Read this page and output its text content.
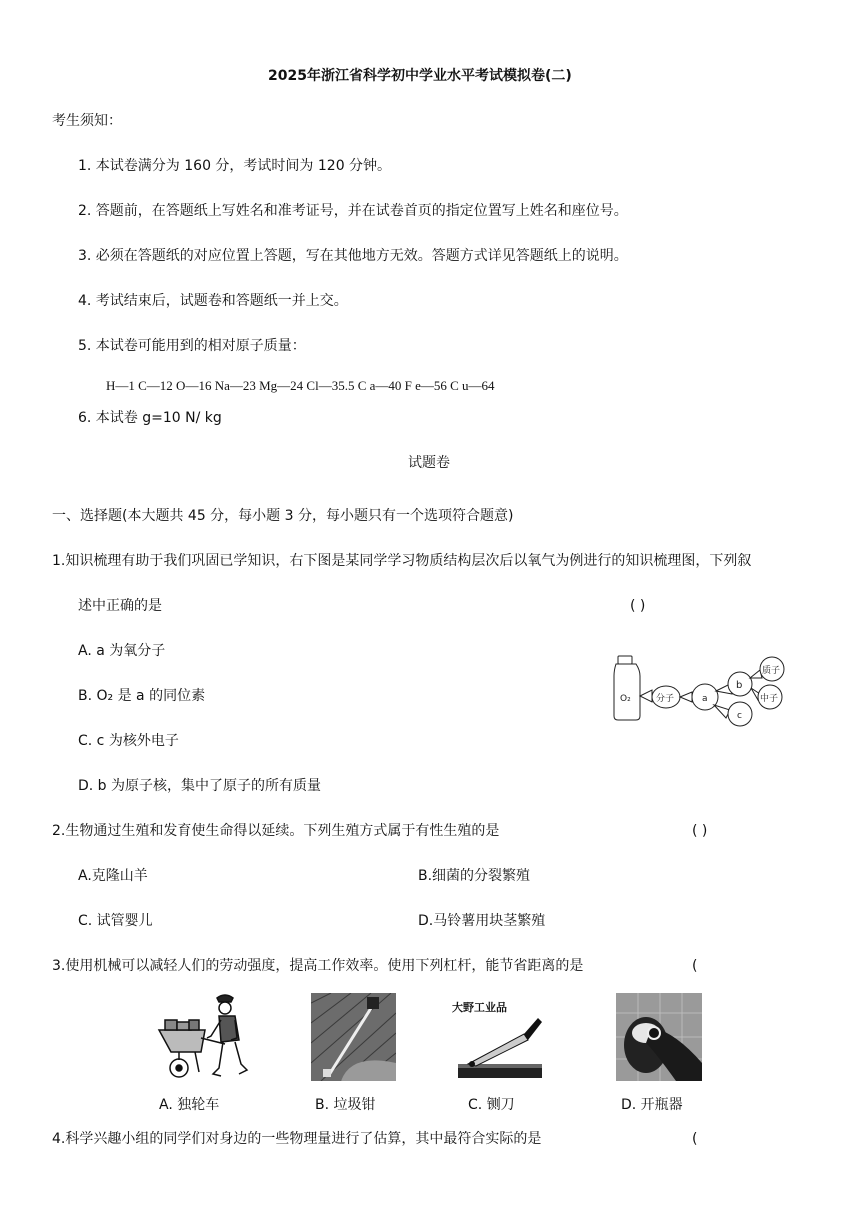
2025年浙江省科学初中学业水平考试模拟卷(二)
考生须知：
1. 本试卷满分为 160 分，考试时间为 120 分钟。
2. 答题前，在答题纸上写姓名和准考证号，并在试卷首页的指定位置写上姓名和座位号。
3. 必须在答题纸的对应位置上答题，写在其他地方无效。答题方式详见答题纸上的说明。
4. 考试结束后，试题卷和答题纸一并上交。
5. 本试卷可能用到的相对原子质量：
H—1 C—12 O—16 Na—23 Mg—24 Cl—35.5 C a—40 F e—56 C u—64
6. 本试卷 g=10 N/ kg
试题卷
一、选择题(本大题共 45 分，每小题 3 分，每小题只有一个选项符合题意)
1.知识梳理有助于我们巩固已学知识，右下图是某同学学习物质结构层次后以氧气为例进行的知识梳理图，下列叙
述中正确的是	( )
A. a 为氧分子
B. O₂ 是 a 的同位素
C. c 为核外电子
D. b 为原子核，集中了原子的所有质量
O₂	分子	a
b
c
质子
中子
2.生物通过生殖和发育使生命得以延续。下列生殖方式属于有性生殖的是	( )
A.克隆山羊	B.细菌的分裂繁殖
C. 试管婴儿	D.马铃薯用块茎繁殖
3.使用机械可以减轻人们的劳动强度，提高工作效率。使用下列杠杆，能节省距离的是	(
大野工业品
A. 独轮车	B. 垃圾钳	C. 铡刀	D. 开瓶器
4.科学兴趣小组的同学们对身边的一些物理量进行了估算，其中最符合实际的是	(
